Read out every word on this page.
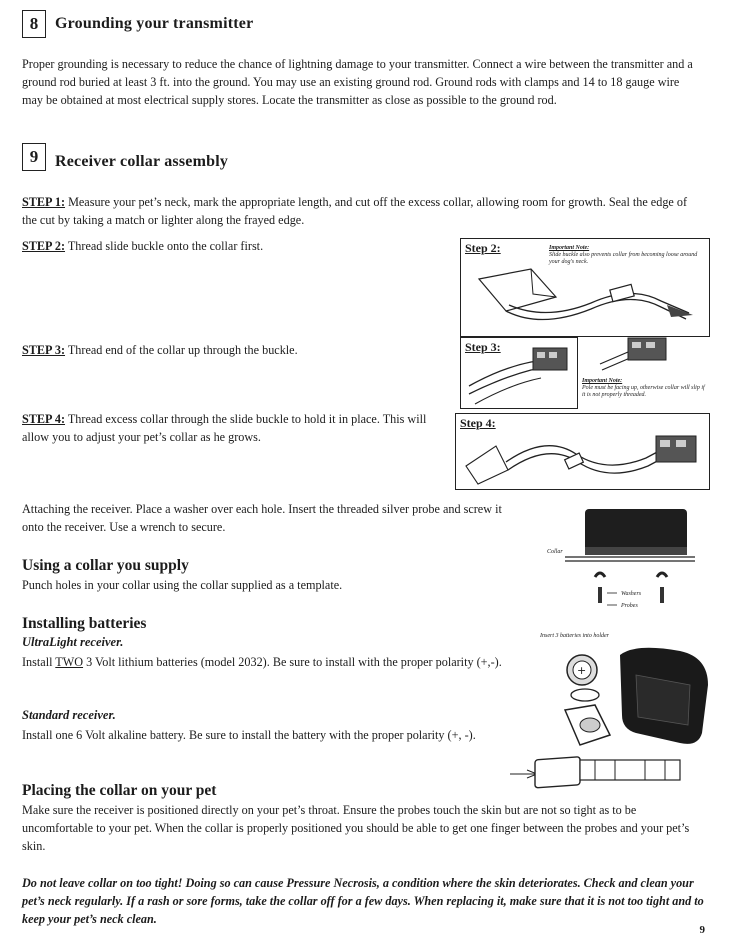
8	Grounding your transmitter
Proper grounding is necessary to reduce the chance of lightning damage to your transmitter. Connect a wire between the transmitter and a ground rod buried at least 3 ft. into the ground. You may use an existing ground rod. Ground rods with clamps and 14 to 18 gauge wire may be obtained at most electrical supply stores. Locate the transmitter as close as possible to the ground rod.
9	Receiver collar assembly
STEP 1: Measure your pet’s neck, mark the appropriate length, and cut off the excess collar, allowing room for growth. Seal the edge of the cut by taking a match or lighter along the frayed edge.
STEP 2: Thread slide buckle onto the collar first.
STEP 3: Thread end of the collar up through the buckle.
STEP 4: Thread excess collar through the slide buckle to hold it in place. This will allow you to adjust your pet’s collar as he grows.
Step 2:	Important Note:
Slide buckle also prevents collar from becoming loose around your dog's neck.
Step 3:
Important Note:
Pole must be facing up, otherwise collar will slip if it is not properly threaded.
Step 4:
Attaching the receiver. Place a washer over each hole. Insert the threaded silver probe and screw it onto the receiver. Use a wrench to secure.
Collar
Washers
Probes
Using a collar you supply
Punch holes in your collar using the collar supplied as a template.
Installing batteries
UltraLight receiver.
Install TWO 3 Volt lithium batteries (model 2032). Be sure to install with the proper polarity (+,-).
Standard receiver.
Install one 6 Volt alkaline battery. Be sure to install the battery with the proper polarity (+, -).
Insert 3 batteries into holder
+
Placing the collar on your pet
Make sure the receiver is positioned directly on your pet’s throat. Ensure the probes touch the skin but are not so tight as to be uncomfortable to your pet. When the collar is properly positioned you should be able to get one finger between the probes and your pet’s skin.
Do not leave collar on too tight! Doing so can cause Pressure Necrosis, a condition where the skin deteriorates. Check and clean your pet’s neck regularly. If a rash or sore forms, take the collar off for a few days. When replacing it, make sure that it is not too tight and to keep your pet’s neck clean.
9
